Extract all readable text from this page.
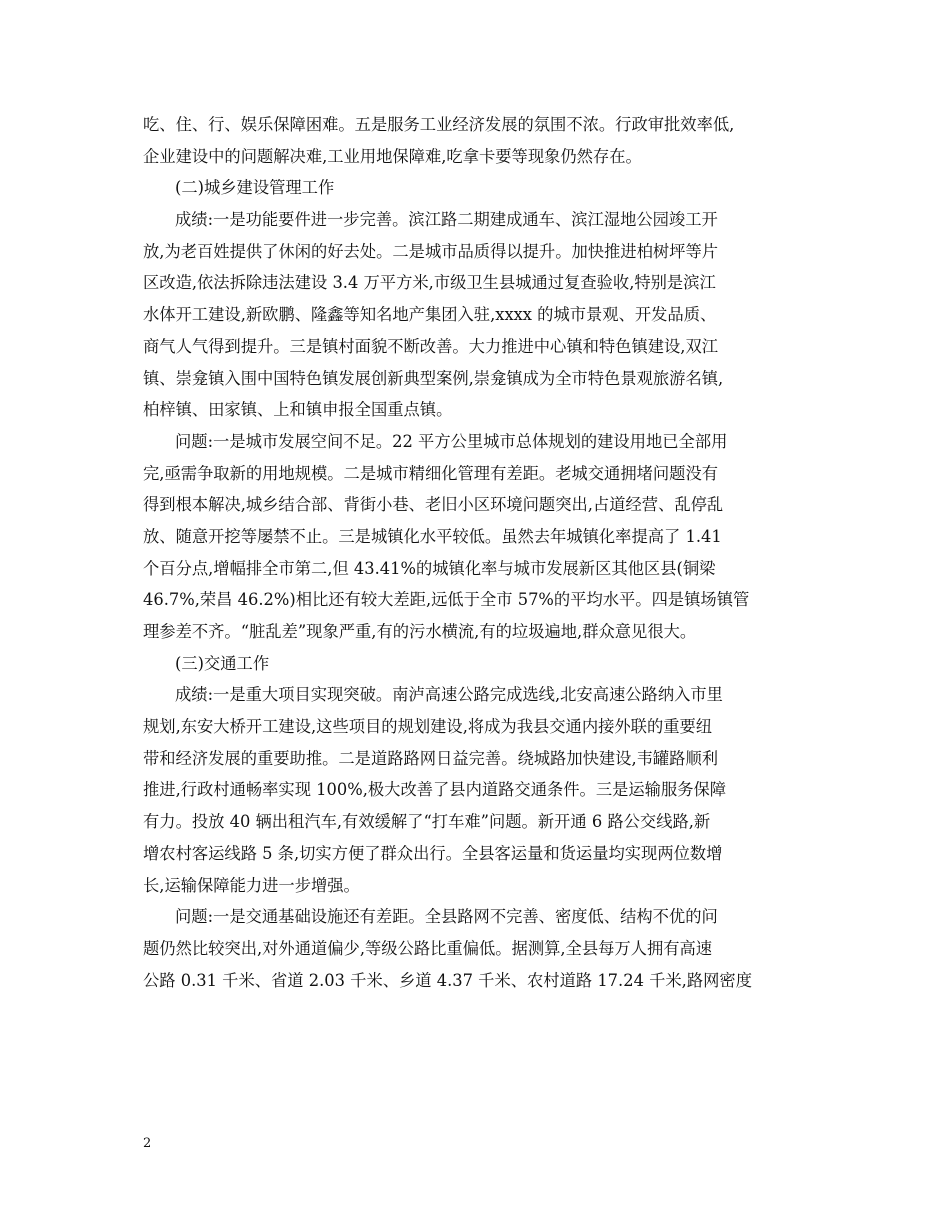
吃、住、行、娱乐保障困难。五是服务工业经济发展的氛围不浓。行政审批效率低,
企业建设中的问题解决难,工业用地保障难,吃拿卡要等现象仍然存在。
(二)城乡建设管理工作
成绩:一是功能要件进一步完善。滨江路二期建成通车、滨江湿地公园竣工开
放,为老百姓提供了休闲的好去处。二是城市品质得以提升。加快推进柏树坪等片
区改造,依法拆除违法建设 3.4 万平方米,市级卫生县城通过复查验收,特别是滨江
水体开工建设,新欧鹏、隆鑫等知名地产集团入驻,xxxx 的城市景观、开发品质、
商气人气得到提升。三是镇村面貌不断改善。大力推进中心镇和特色镇建设,双江
镇、崇龛镇入围中国特色镇发展创新典型案例,崇龛镇成为全市特色景观旅游名镇,
柏梓镇、田家镇、上和镇申报全国重点镇。
问题:一是城市发展空间不足。22 平方公里城市总体规划的建设用地已全部用
完,亟需争取新的用地规模。二是城市精细化管理有差距。老城交通拥堵问题没有
得到根本解决,城乡结合部、背街小巷、老旧小区环境问题突出,占道经营、乱停乱
放、随意开挖等屡禁不止。三是城镇化水平较低。虽然去年城镇化率提高了 1.41
个百分点,增幅排全市第二,但 43.41%的城镇化率与城市发展新区其他区县(铜梁
46.7%,荣昌 46.2%)相比还有较大差距,远低于全市 57%的平均水平。四是镇场镇管
理参差不齐。“脏乱差”现象严重,有的污水横流,有的垃圾遍地,群众意见很大。
(三)交通工作
成绩:一是重大项目实现突破。南泸高速公路完成选线,北安高速公路纳入市里
规划,东安大桥开工建设,这些项目的规划建设,将成为我县交通内接外联的重要纽
带和经济发展的重要助推。二是道路路网日益完善。绕城路加快建设,韦罐路顺利
推进,行政村通畅率实现 100%,极大改善了县内道路交通条件。三是运输服务保障
有力。投放 40 辆出租汽车,有效缓解了“打车难”问题。新开通 6 路公交线路,新
增农村客运线路 5 条,切实方便了群众出行。全县客运量和货运量均实现两位数增
长,运输保障能力进一步增强。
问题:一是交通基础设施还有差距。全县路网不完善、密度低、结构不优的问
题仍然比较突出,对外通道偏少,等级公路比重偏低。据测算,全县每万人拥有高速
公路 0.31 千米、省道 2.03 千米、乡道 4.37 千米、农村道路 17.24 千米,路网密度
2
